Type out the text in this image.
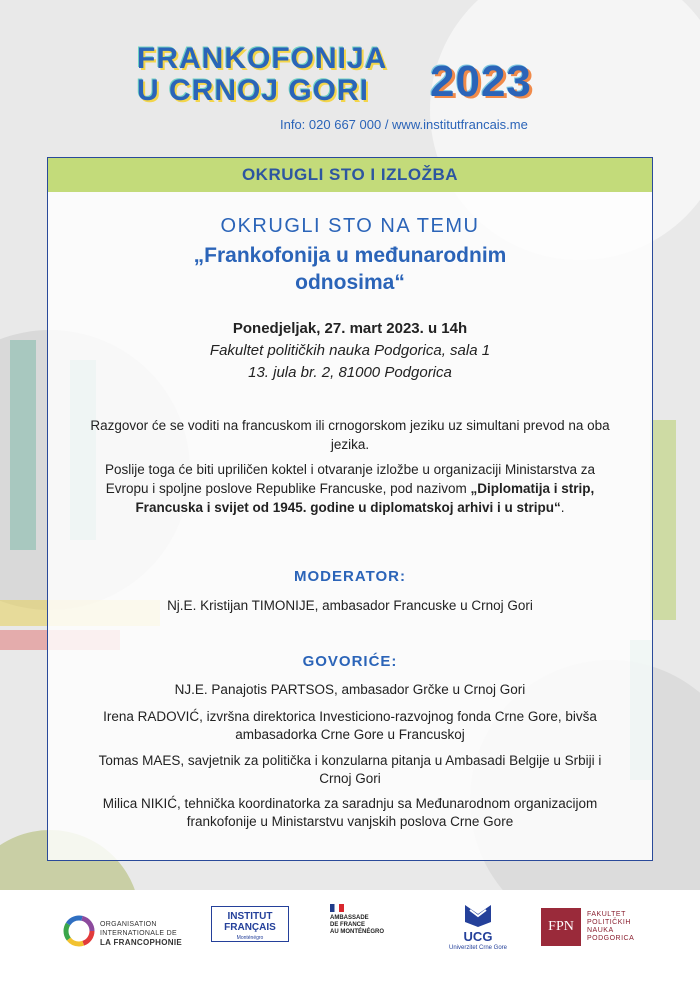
FRANKOFONIJA
U CRNOJ GORI 2023
Info: 020 667 000 / www.institutfrancais.me
OKRUGLI STO I IZLOŽBA
OKRUGLI STO NA TEMU
„Frankofonija u međunarodnim
odnosima“
Ponedjeljak, 27. mart 2023. u 14h
Fakultet političkih nauka Podgorica, sala 1
13. jula br. 2, 81000 Podgorica
Razgovor će se voditi na francuskom ili crnogorskom jeziku uz simultani prevod na oba jezika.
Poslije toga će biti upriličen koktel i otvaranje izložbe u organizaciji Ministarstva za Evropu i spoljne poslove Republike Francuske, pod nazivom „Diplomatija i strip, Francuska i svijet od 1945. godine u diplomatskoj arhivi i u stripu“.
MODERATOR:
Nj.E. Kristijan TIMONIJE, ambasador Francuske u Crnoj Gori
GOVORIĆE:
NJ.E. Panajotis PARTSOS, ambasador Grčke u Crnoj Gori
Irena RADOVIĆ, izvršna direktorica Investiciono-razvojnog fonda Crne Gore, bivša ambasadorka Crne Gore u Francuskoj
Tomas MAES, savjetnik za politička i konzularna pitanja u Ambasadi Belgije u Srbiji i Crnoj Gori
Milica NIKIĆ, tehnička koordinatorka za saradnju sa Međunarodnom organizacijom frankofonije u Ministarstvu vanjskih poslova Crne Gore
ORGANISATION
INTERNATIONALE DE
LA FRANCOPHONIE
INSTITUT
FRANÇAIS
Monténégro
AMBASSADE
DE FRANCE
AU MONTÉNÉGRO	UCG
Univerzitet Crne Gore
FPN
FAKULTET
POLITIČKIH
NAUKA
PODGORICA
